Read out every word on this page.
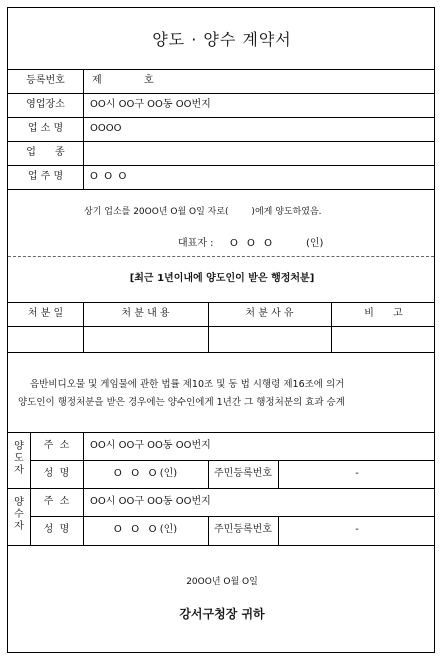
양도 · 양수 계약서
등록번호	제	호
영업장소	OO시 OO구 OO동 OO번지
업 소 명	OOOO
업      종
업 주 명	O  O  O
상기 업소를 20OO년 O월 O일 자로(        )에게 양도하였음.
대표자 : O O O	(인)
[최근 1년이내에 양도인이 받은 행정처분]
처 분 일	처 분 내 용	처 분 사 유	비      고
음반비디오물 및 게임물에 관한 법률 제10조 및 동 법 시행령 제16조에 의거
양도인이 행정처분을 받은 경우에는 양수인에게 1년간 그 행정처분의 효과 승계
양도자
주  소	OO시 OO구 OO동 OO번지
성  명	O   O   O (인)	주민등록번호	-
양수자
주  소	OO시 OO구 OO동 OO번지
성  명	O   O   O (인)	주민등록번호	-
20OO년 O월 O일
강서구청장 귀하
